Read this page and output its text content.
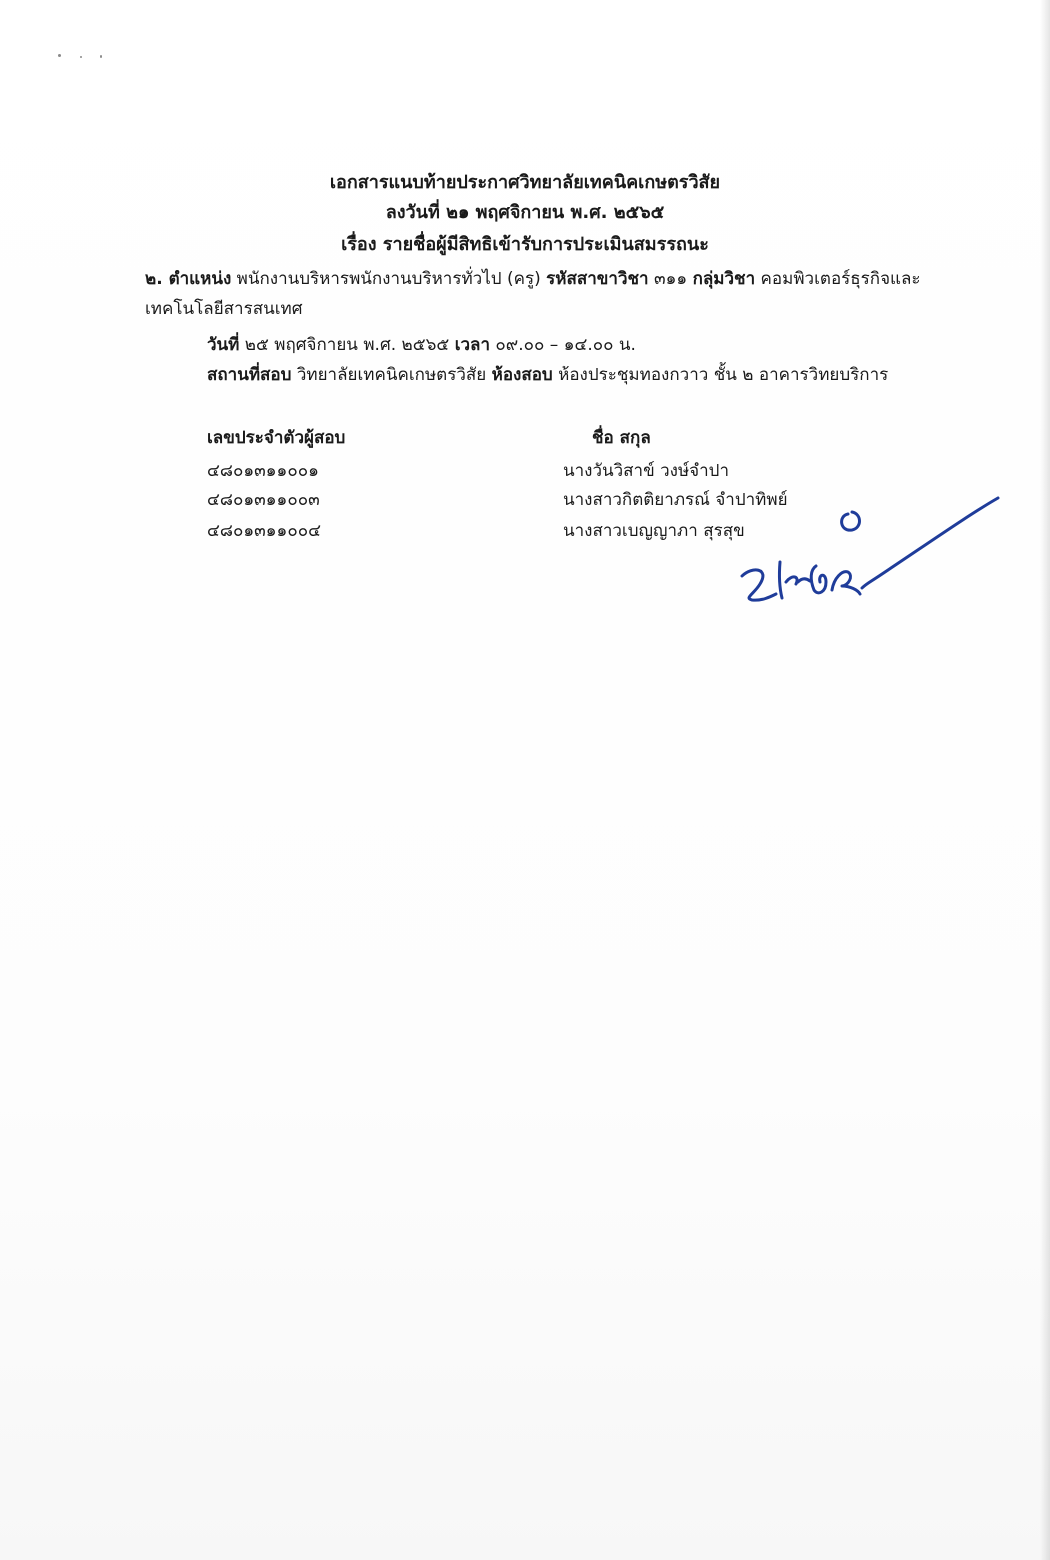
เอกสารแนบท้ายประกาศวิทยาลัยเทคนิคเกษตรวิสัย
ลงวันที่ ๒๑ พฤศจิกายน พ.ศ. ๒๕๖๕
เรื่อง รายชื่อผู้มีสิทธิเข้ารับการประเมินสมรรถนะ
๒. ตำแหน่ง พนักงานบริหารพนักงานบริหารทั่วไป (ครู) รหัสสาขาวิชา ๓๑๑ กลุ่มวิชา คอมพิวเตอร์ธุรกิจและ
เทคโนโลยีสารสนเทศ
วันที่ ๒๕ พฤศจิกายน พ.ศ. ๒๕๖๕ เวลา ๐๙.๐๐ – ๑๔.๐๐ น.
สถานที่สอบ วิทยาลัยเทคนิคเกษตรวิสัย ห้องสอบ ห้องประชุมทองกวาว ชั้น ๒ อาคารวิทยบริการ
เลขประจำตัวผู้สอบ	ชื่อ สกุล
๔๘๐๑๓๑๑๐๐๑	นางวันวิสาข์ วงษ์จำปา
๔๘๐๑๓๑๑๐๐๓	นางสาวกิตติยาภรณ์ จำปาทิพย์
๔๘๐๑๓๑๑๐๐๔	นางสาวเบญญาภา สุรสุข
